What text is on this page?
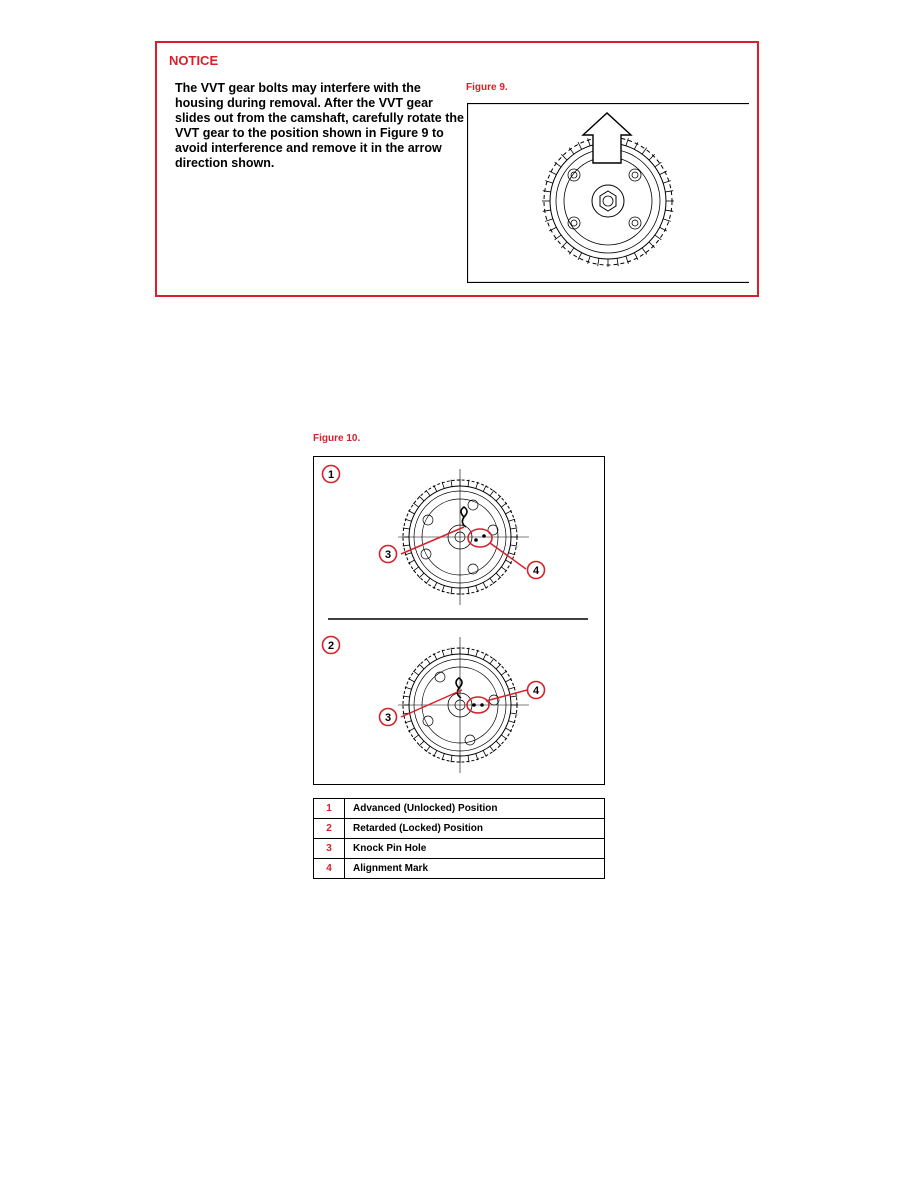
NOTICE
The VVT gear bolts may interfere with the housing during removal. After the VVT gear slides out from the camshaft, carefully rotate the VVT gear to the position shown in Figure 9 to avoid interference and remove it in the arrow direction shown.
Figure 9.
Figure 10.
1
3
4
2
3
4
1	Advanced (Unlocked) Position
2	Retarded (Locked) Position
3	Knock Pin Hole
4	Alignment Mark
